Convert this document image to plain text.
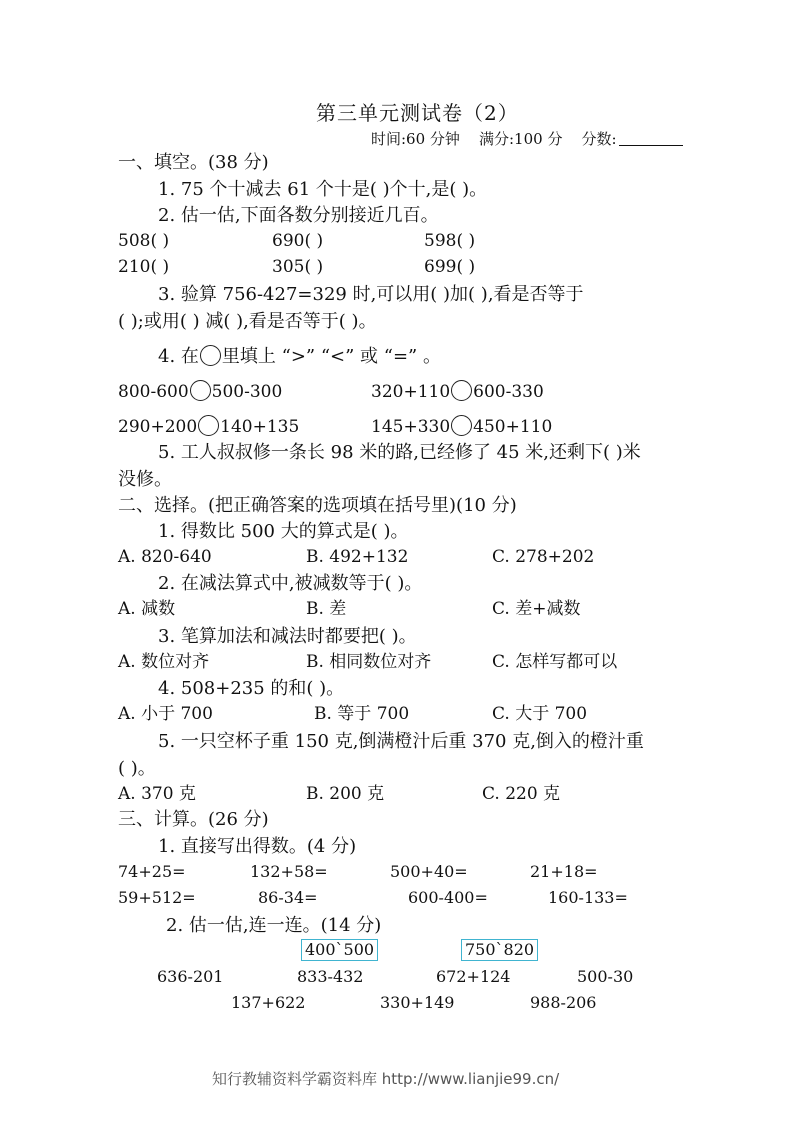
第三单元测试卷（2）
时间:60 分钟 满分:100 分 分数:
一、填空。(38 分)
1. 75 个十减去 61 个十是( )个十,是( )。
2. 估一估,下面各数分别接近几百。
508( )	690( )	598( )
210( )	305( )	699( )
3. 验算 756-427=329 时,可以用( )加( ),看是否等于
( );或用( ) 减( ),看是否等于( )。
4. 在 里填上 “>” “<” 或 “=” 。
800-600 500-300	320+110 600-330
290+200 140+135	145+330 450+110
5. 工人叔叔修一条长 98 米的路,已经修了 45 米,还剩下( )米
没修。
二、选择。(把正确答案的选项填在括号里)(10 分)
1. 得数比 500 大的算式是( )。
A. 820-640	B. 492+132	C. 278+202
2. 在减法算式中,被减数等于( )。
A. 减数	B. 差	C. 差+减数
3. 笔算加法和减法时都要把( )。
A. 数位对齐	B. 相同数位对齐	C. 怎样写都可以
4. 508+235 的和( )。
A. 小于 700	B. 等于 700	C. 大于 700
5. 一只空杯子重 150 克,倒满橙汁后重 370 克,倒入的橙汁重
( )。
A. 370 克	B. 200 克	C. 220 克
三、计算。(26 分)
1. 直接写出得数。(4 分)
74+25=	132+58=	500+40=	21+18=
59+512=	86-34=	600-400=	160-133=
2. 估一估,连一连。(14 分)
400ˋ500	750ˋ820
636-201	833-432	672+124	500-30
137+622	330+149	988-206
知行教辅资料学霸资料库 http://www.lianjie99.cn/
